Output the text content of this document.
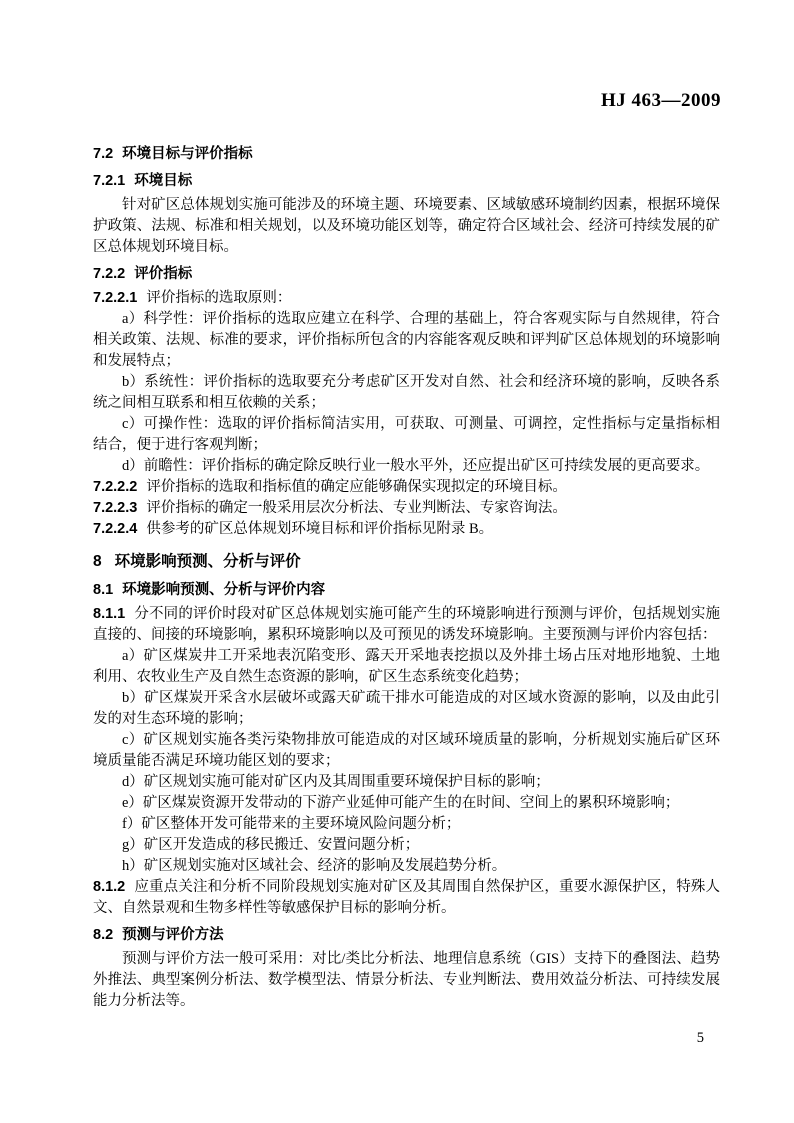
HJ 463—2009

7.2 环境目标与评价指标

7.2.1 环境目标

针对矿区总体规划实施可能涉及的环境主题、环境要素、区域敏感环境制约因素，根据环境保护政策、法规、标准和相关规划，以及环境功能区划等，确定符合区域社会、经济可持续发展的矿区总体规划环境目标。

7.2.2 评价指标

7.2.2.1 评价指标的选取原则：

a）科学性：评价指标的选取应建立在科学、合理的基础上，符合客观实际与自然规律，符合相关政策、法规、标准的要求，评价指标所包含的内容能客观反映和评判矿区总体规划的环境影响和发展特点；

b）系统性：评价指标的选取要充分考虑矿区开发对自然、社会和经济环境的影响，反映各系统之间相互联系和相互依赖的关系；

c）可操作性：选取的评价指标简洁实用，可获取、可测量、可调控，定性指标与定量指标相结合，便于进行客观判断；

d）前瞻性：评价指标的确定除反映行业一般水平外，还应提出矿区可持续发展的更高要求。

7.2.2.2 评价指标的选取和指标值的确定应能够确保实现拟定的环境目标。

7.2.2.3 评价指标的确定一般采用层次分析法、专业判断法、专家咨询法。

7.2.2.4 供参考的矿区总体规划环境目标和评价指标见附录 B。

8 环境影响预测、分析与评价

8.1 环境影响预测、分析与评价内容

8.1.1 分不同的评价时段对矿区总体规划实施可能产生的环境影响进行预测与评价，包括规划实施直接的、间接的环境影响，累积环境影响以及可预见的诱发环境影响。主要预测与评价内容包括：

a）矿区煤炭井工开采地表沉陷变形、露天开采地表挖损以及外排土场占压对地形地貌、土地利用、农牧业生产及自然生态资源的影响，矿区生态系统变化趋势；

b）矿区煤炭开采含水层破坏或露天矿疏干排水可能造成的对区域水资源的影响，以及由此引发的对生态环境的影响；

c）矿区规划实施各类污染物排放可能造成的对区域环境质量的影响，分析规划实施后矿区环境质量能否满足环境功能区划的要求；

d）矿区规划实施可能对矿区内及其周围重要环境保护目标的影响；

e）矿区煤炭资源开发带动的下游产业延伸可能产生的在时间、空间上的累积环境影响；

f）矿区整体开发可能带来的主要环境风险问题分析；

g）矿区开发造成的移民搬迁、安置问题分析；

h）矿区规划实施对区域社会、经济的影响及发展趋势分析。

8.1.2 应重点关注和分析不同阶段规划实施对矿区及其周围自然保护区，重要水源保护区，特殊人文、自然景观和生物多样性等敏感保护目标的影响分析。

8.2 预测与评价方法

预测与评价方法一般可采用：对比/类比分析法、地理信息系统（GIS）支持下的叠图法、趋势外推法、典型案例分析法、数学模型法、情景分析法、专业判断法、费用效益分析法、可持续发展能力分析法等。

5
